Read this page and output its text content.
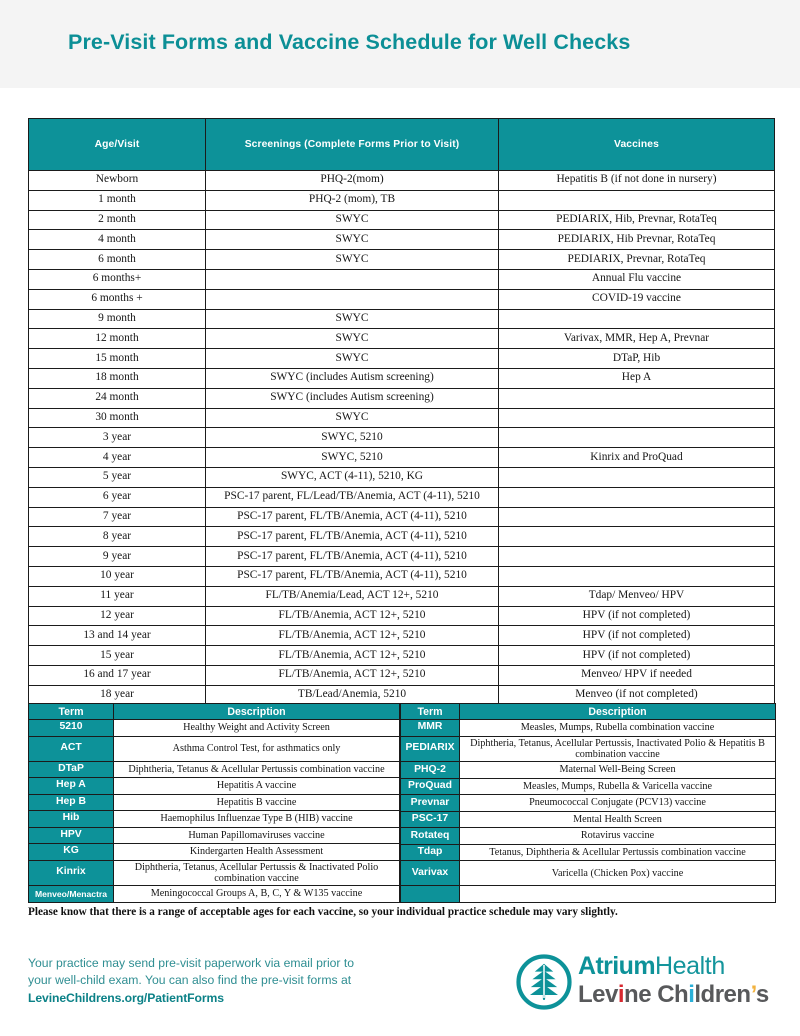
Pre-Visit Forms and Vaccine Schedule for Well Checks
Age/Visit	Screenings (Complete Forms Prior to Visit)	Vaccines
Newborn	PHQ-2(mom)	Hepatitis B (if not done in nursery)
1 month	PHQ-2 (mom), TB	
2 month	SWYC	PEDIARIX, Hib, Prevnar, RotaTeq
4 month	SWYC	PEDIARIX, Hib Prevnar, RotaTeq
6 month	SWYC	PEDIARIX, Prevnar, RotaTeq
6 months+		Annual Flu vaccine
6 months +		COVID-19 vaccine
9 month	SWYC	
12 month	SWYC	Varivax, MMR, Hep A, Prevnar
15 month	SWYC	DTaP, Hib
18 month	SWYC (includes Autism screening)	Hep A
24 month	SWYC (includes Autism screening)	
30 month	SWYC	
3 year	SWYC, 5210	
4 year	SWYC, 5210	Kinrix and ProQuad
5 year	SWYC, ACT (4-11), 5210, KG	
6 year	PSC-17 parent, FL/Lead/TB/Anemia, ACT (4-11), 5210	
7 year	PSC-17 parent, FL/TB/Anemia, ACT (4-11), 5210	
8 year	PSC-17 parent, FL/TB/Anemia, ACT (4-11), 5210	
9 year	PSC-17 parent, FL/TB/Anemia, ACT (4-11), 5210	
10 year	PSC-17 parent, FL/TB/Anemia, ACT (4-11), 5210	
11 year	FL/TB/Anemia/Lead, ACT 12+, 5210	Tdap/ Menveo/ HPV
12 year	FL/TB/Anemia, ACT 12+, 5210	HPV (if not completed)
13 and 14 year	FL/TB/Anemia, ACT 12+, 5210	HPV (if not completed)
15 year	FL/TB/Anemia, ACT 12+, 5210	HPV (if not completed)
16 and 17 year	FL/TB/Anemia, ACT 12+, 5210	Menveo/ HPV if needed
18 year	TB/Lead/Anemia, 5210	Menveo (if not completed)
Term	Description
5210	Healthy Weight and Activity Screen
ACT	Asthma Control Test, for asthmatics only
DTaP	Diphtheria, Tetanus & Acellular Pertussis combination vaccine
Hep A	Hepatitis A vaccine
Hep B	Hepatitis B vaccine
Hib	Haemophilus Influenzae Type B (HIB) vaccine
HPV	Human Papillomaviruses vaccine
KG	Kindergarten Health Assessment
Kinrix	Diphtheria, Tetanus, Acellular Pertussis & Inactivated Polio combination vaccine
Menveo/Menactra	Meningococcal Groups A, B, C, Y & W135 vaccine
Term	Description
MMR	Measles, Mumps, Rubella combination vaccine
PEDIARIX	Diphtheria, Tetanus, Acellular Pertussis, Inactivated Polio & Hepatitis B combination vaccine
PHQ-2	Maternal Well-Being Screen
ProQuad	Measles, Mumps, Rubella & Varicella vaccine
Prevnar	Pneumococcal Conjugate (PCV13) vaccine
PSC-17	Mental Health Screen
Rotateq	Rotavirus vaccine
Tdap	Tetanus, Diphtheria & Acellular Pertussis combination vaccine
Varivax	Varicella (Chicken Pox) vaccine

Please know that there is a range of acceptable ages for each vaccine, so your individual practice schedule may vary slightly.
Your practice may send pre-visit paperwork via email prior to
your well-child exam. You can also find the pre-visit forms at
LevineChildrens.org/PatientForms
AtriumHealth
Levine Children’s
